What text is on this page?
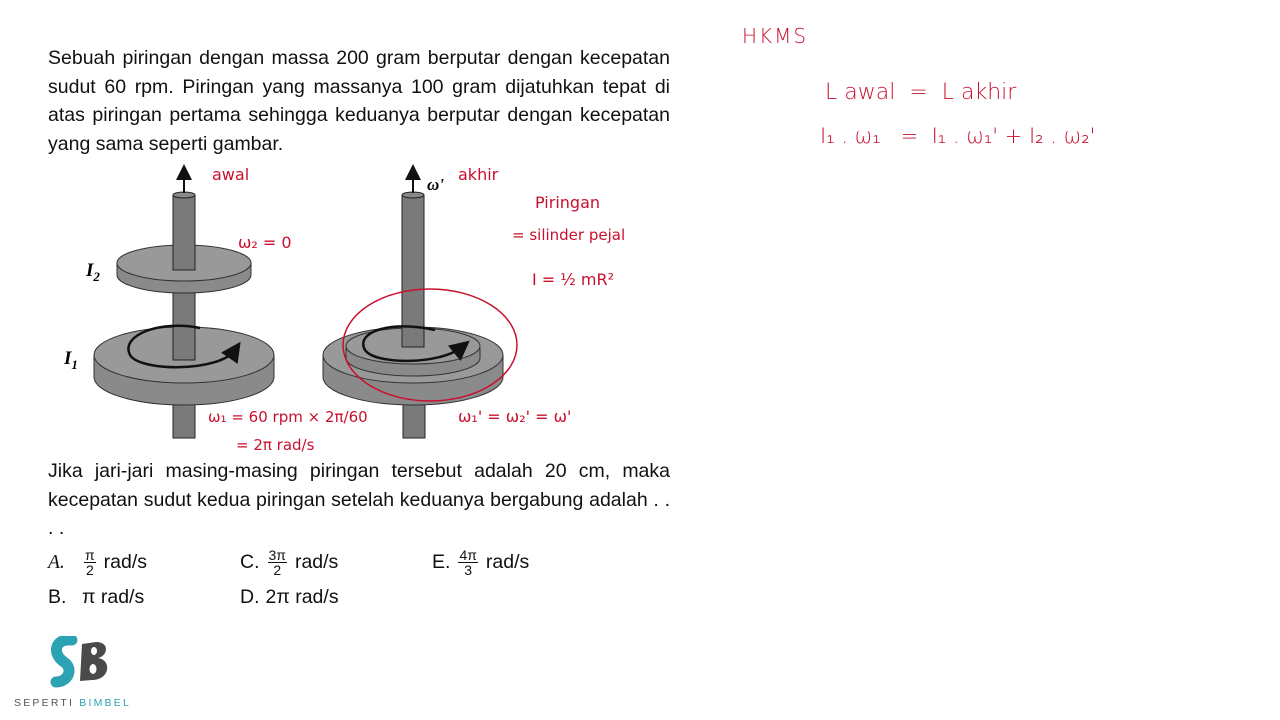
Sebuah piringan dengan massa 200 gram berputar dengan kecepatan sudut 60 rpm. Piringan yang massanya 100 gram dijatuhkan tepat di atas piringan pertama sehingga keduanya berputar dengan kecepatan yang sama seperti gambar.
$I_2$
$I_1$
ω'
awal	akhir
ω₂ = 0
Piringan
= silinder pejal
I = ½ mR²
ω₁ = 60 rpm × 2π/60
= 2π rad/s
ω₁' = ω₂' = ω'
Jika jari-jari masing-masing piringan tersebut adalah 20 cm, maka kecepatan sudut kedua piringan setelah keduanya bergabung adalah . . . .
A.	$\frac{\pi}{2} rad/s$
B. π rad/s
C. $\frac{3\pi}{2} rad/s$
D. 2π rad/s
E. $\frac{4\pi}{3} rad/s$
HKMS
L awal  =  L akhir
I₁ . ω₁   =  I₁ . ω₁' + I₂ . ω₂'
SEPERTI BIMBEL
